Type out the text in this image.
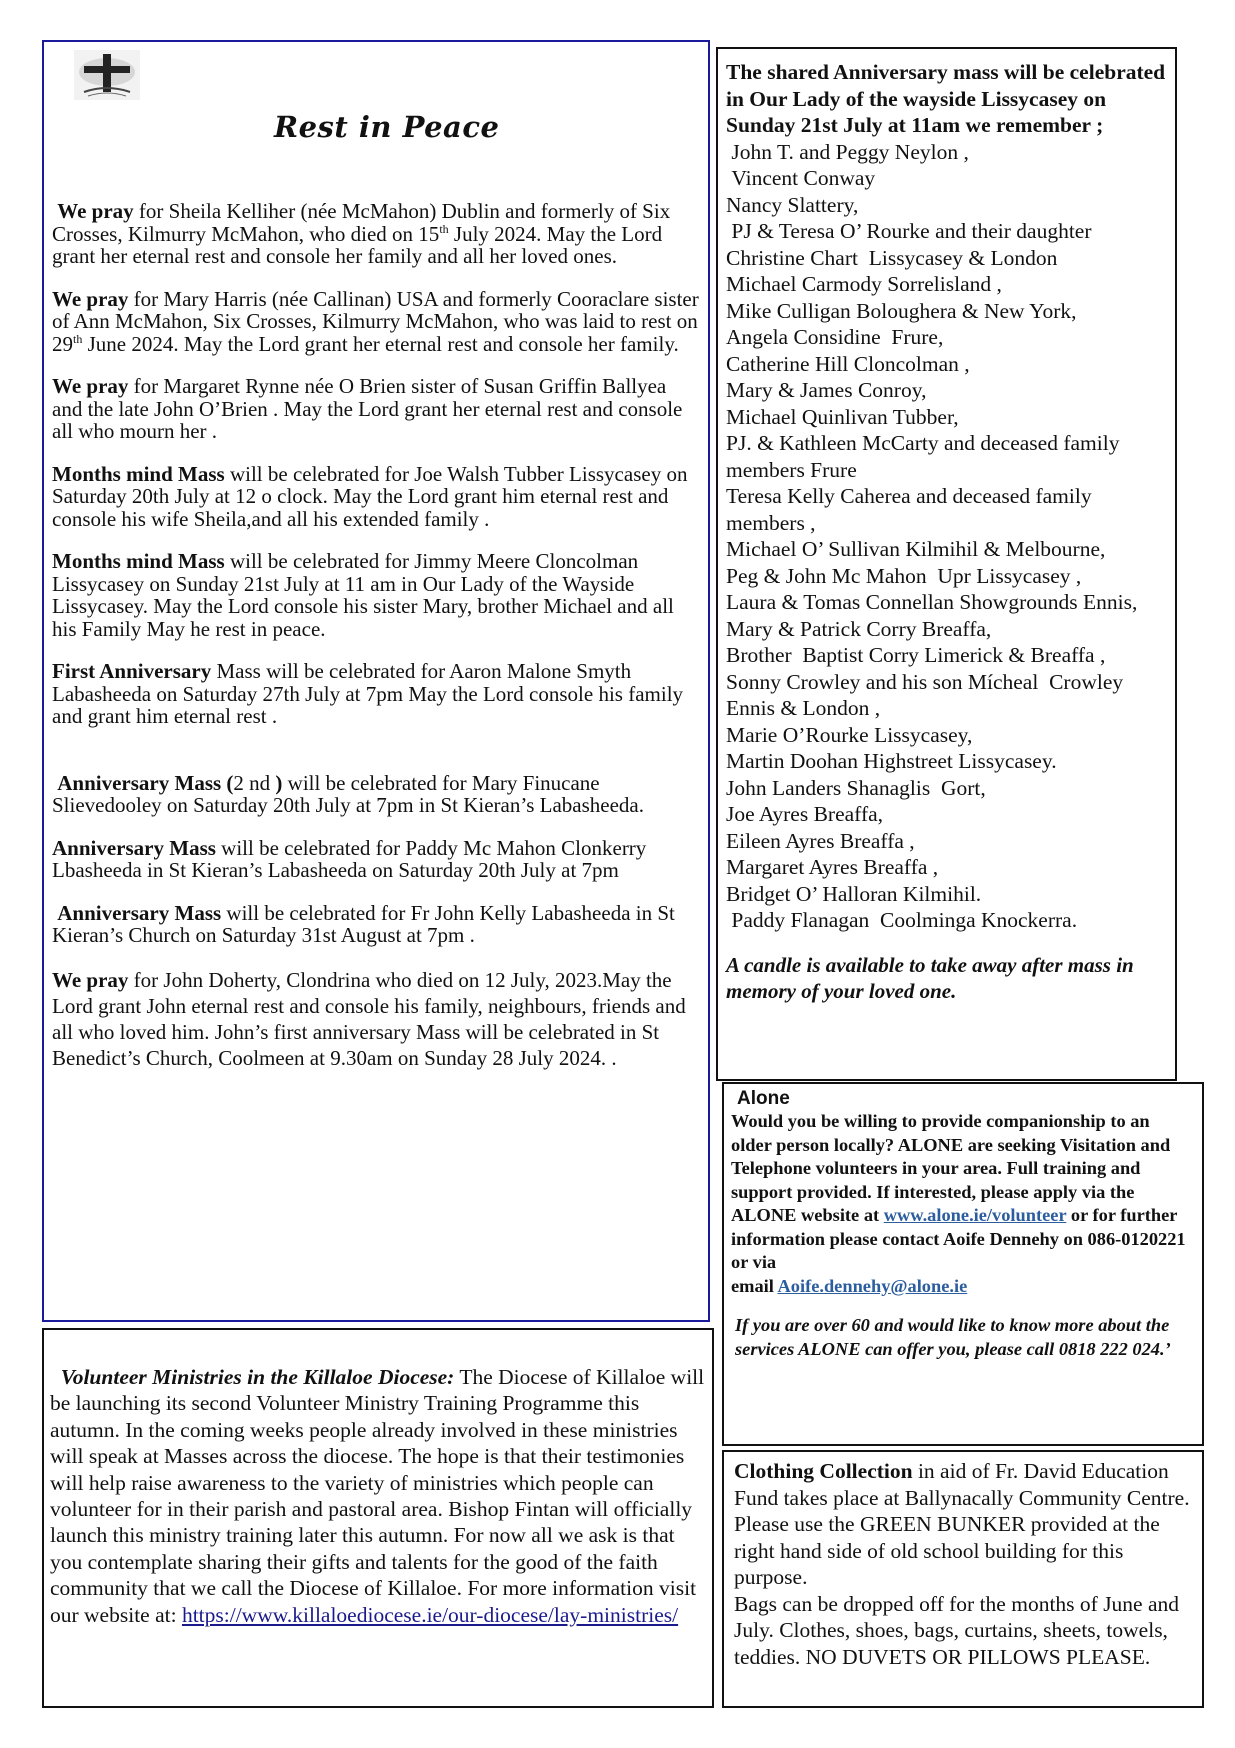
Rest in Peace

We pray for Sheila Kelliher (née McMahon) Dublin and formerly of Six Crosses, Kilmurry McMahon, who died on 15th July 2024. May the Lord grant her eternal rest and console her family and all her loved ones.

We pray for Mary Harris (née Callinan) USA and formerly Cooraclare sister of Ann McMahon, Six Crosses, Kilmurry McMahon, who was laid to rest on 29th June 2024. May the Lord grant her eternal rest and console her family.

We pray for Margaret Rynne née O Brien sister of Susan Griffin Ballyea and the late John O’Brien . May the Lord grant her eternal rest and console all who mourn her .

Months mind Mass will be celebrated for Joe Walsh Tubber Lissycasey on Saturday 20th July at 12 o clock. May the Lord grant him eternal rest and console his wife Sheila,and all his extended family .

Months mind Mass will be celebrated for Jimmy Meere Cloncolman Lissycasey on Sunday 21st July at 11 am in Our Lady of the Wayside Lissycasey. May the Lord console his sister Mary, brother Michael and all his Family May he rest in peace.

First Anniversary Mass will be celebrated for Aaron Malone Smyth Labasheeda on Saturday 27th July at 7pm May the Lord console his family and grant him eternal rest .

Anniversary Mass (2 nd ) will be celebrated for Mary Finucane Slievedooley on Saturday 20th July at 7pm in St Kieran’s Labasheeda.

Anniversary Mass will be celebrated for Paddy Mc Mahon Clonkerry Lbasheeda in St Kieran’s Labasheeda on Saturday 20th July at 7pm

Anniversary Mass will be celebrated for Fr John Kelly Labasheeda in St Kieran’s Church on Saturday 31st August at 7pm .

We pray for John Doherty, Clondrina who died on 12 July, 2023.May the Lord grant John eternal rest and console his family, neighbours, friends and all who loved him. John’s first anniversary Mass will be celebrated in St Benedict’s Church, Coolmeen at 9.30am on Sunday 28 July 2024. .

The shared Anniversary mass will be celebrated in Our Lady of the wayside Lissycasey on Sunday 21st July at 11am we remember ;

John T. and Peggy Neylon ,

Vincent Conway

Nancy Slattery,

PJ & Teresa O’ Rourke and their daughter Christine Chart  Lissycasey & London

Michael Carmody Sorrelisland ,

Mike Culligan Boloughera & New York,

Angela Considine  Frure,

Catherine Hill Cloncolman ,

Mary & James Conroy,

Michael Quinlivan Tubber,

PJ. & Kathleen McCarty and deceased family members Frure

Teresa Kelly Caherea and deceased family members ,

Michael O’ Sullivan Kilmihil & Melbourne,

Peg & John Mc Mahon  Upr Lissycasey ,

Laura & Tomas Connellan Showgrounds Ennis,

Mary & Patrick Corry Breaffa,

Brother  Baptist Corry Limerick & Breaffa ,

Sonny Crowley and his son Mícheal  Crowley Ennis & London ,

Marie O’Rourke Lissycasey,

Martin Doohan Highstreet Lissycasey.

John Landers Shanaglis  Gort,

Joe Ayres Breaffa,

Eileen Ayres Breaffa ,

Margaret Ayres Breaffa ,

Bridget O’ Halloran Kilmihil.

Paddy Flanagan  Coolminga Knockerra.

A candle is available to take away after mass in memory of your loved one.
Alone

Would you be willing to provide companionship to an older person locally? ALONE are seeking Visitation and Telephone volunteers in your area. Full training and support provided. If interested, please apply via the ALONE website at www.alone.ie/volunteer or for further information please contact Aoife Dennehy on 086-0120221 or via
email Aoife.dennehy@alone.ie

If you are over 60 and would like to know more about the services ALONE can offer you, please call 0818 222 024.’

Volunteer Ministries in the Killaloe Diocese: The Diocese of Killaloe will be launching its second Volunteer Ministry Training Programme this autumn. In the coming weeks people already involved in these ministries will speak at Masses across the diocese. The hope is that their testimonies will help raise awareness to the variety of ministries which people can volunteer for in their parish and pastoral area. Bishop Fintan will officially launch this ministry training later this autumn. For now all we ask is that you contemplate sharing their gifts and talents for the good of the faith community that we call the Diocese of Killaloe. For more information visit our website at: https://www.killaloediocese.ie/our-diocese/lay-ministries/

Clothing Collection in aid of Fr. David Education Fund takes place at Ballynacally Community Centre. Please use the GREEN BUNKER provided at the right hand side of old school building for this purpose.

Bags can be dropped off for the months of June and July. Clothes, shoes, bags, curtains, sheets, towels, teddies. NO DUVETS OR PILLOWS PLEASE.
